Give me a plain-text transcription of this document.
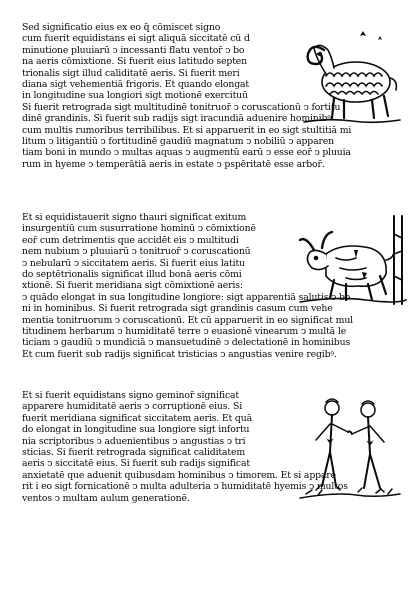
Sed significatio eius ex eo q̄ cōmiscet̄ signo
cum fuerit equidistans ei sigt̄ aliquā siccitatē cū d
minutione pluuiarū ↄ incessanti flatu ventor̄ ↄ bo
na aeris cōmixtione. Si fuerit eius latitudo septen
trionalis sigt̄ illud caliditatē aeris. Si fuerit meri
diana sigt̄ vehementiā frigoris. Et quando elongat
in longitudine sua longiori sigt̄ motionē exercituū
Si fuerit retrograda sigt̄ multitudinē tonitruor̄ ↄ coruscationū ↄ fortitu
dinē grandinis. Si fuerit sub radijs sigt̄ iracundiā aduenire hominibꝰ
cum multis rumoribus terribilibus. Et si apparuerit in eo sigt̄ stultitiā mi
litum ↄ litigantiū ↄ fortitudinē gaudiū magnatum ↄ nobiliū ↄ apparen
tiam boni in mundo ↄ multas aquas ↄ augmentū earū ↄ esse eor̄ ↄ pluuia
rum in hyeme ↄ temperātiā aeris in estate ↄ pspēritatē esse arbor̄.
Et si equidistauerit signo thauri significat exitum
insurgentiū cum susurratione hominū ↄ cōmixtionē
eor̄ cum detrimentis que accidēt eis ↄ multitudi
nem nubium ↄ pluuiarū ↄ tonitruor̄ ↄ coruscationū
ↄ nebularū ↄ siccitatem aeris. Si fuerit eius latitu
do septētrionalis significat illud bonā aeris cōmi
xtionē. Si fuerit meridiana sigt̄ cōmixtionē aeris:
ↄ quādo elongat̄ in sua longitudine longiore: sigt̄ apparentiā salutis ↄ bo
ni in hominibus. Si fuerit retrograda sigt̄ grandinis casum cum vehe
mentia tonitruorum ↄ coruscationū. Et cū apparuerit in eo significat mul
titudinem herbarum ↄ humiditatē terre ↄ euasionē vinearum ↄ multā le
ticiam ↄ gaudiū ↄ mundiciā ↄ mansuetudinē ↄ delectationē in hominibus
Et cum fuerit sub radijs significat tristicias ↄ angustias venire regibꝰ.
Et si fuerit equidistans signo geminor̄ significat
apparere humiditatē aeris ↄ corruptionē eius. Si
fuerit meridiana significat siccitatem aeris. Et quā
do elongat̄ in longitudine sua longiore sigt̄ infortu
nia scriptoribus ↄ aduenientibus ↄ angustias ↄ tri
sticias. Si fuerit retrograda significat caliditatem
aeris ↄ siccitatē eius. Si fuerit sub radijs significat
anxietatē que aduenit quibusdam hominibus ↄ timorem. Et si appare
rit i eo sigt̄ fornicationē ↄ multa adulteria ↄ humiditatē hyemis ↄ multos
ventos ↄ multam aulum generationē.
